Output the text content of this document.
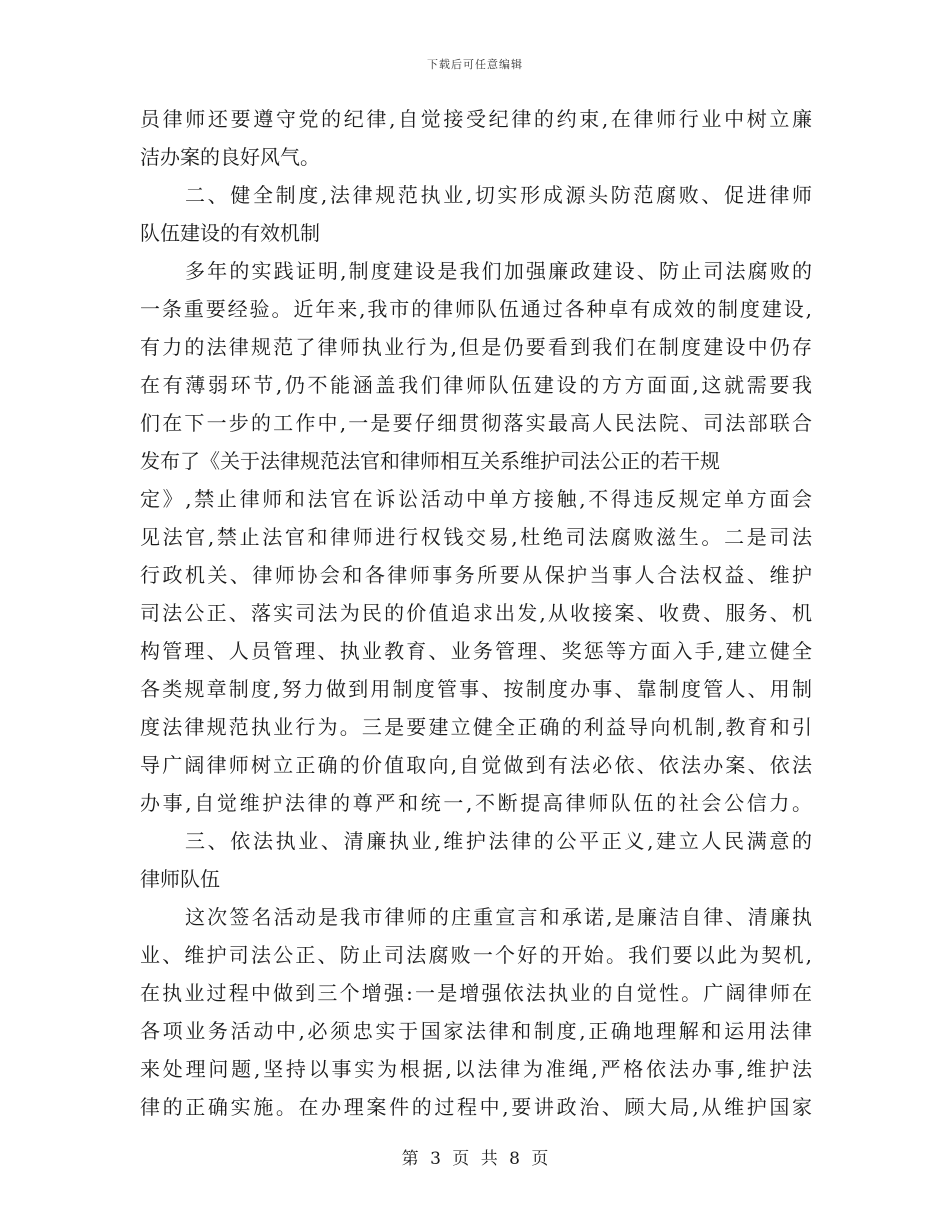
下载后可任意编辑
员律师还要遵守党的纪律,自觉接受纪律的约束,在律师行业中树立廉
洁办案的良好风气。
二、健全制度,法律规范执业,切实形成源头防范腐败、促进律师
队伍建设的有效机制
多年的实践证明,制度建设是我们加强廉政建设、防止司法腐败的
一条重要经验。近年来,我市的律师队伍通过各种卓有成效的制度建设,
有力的法律规范了律师执业行为,但是仍要看到我们在制度建设中仍存
在有薄弱环节,仍不能涵盖我们律师队伍建设的方方面面,这就需要我
们在下一步的工作中,一是要仔细贯彻落实最高人民法院、司法部联合
发布了《关于法律规范法官和律师相互关系维护司法公正的若干规
定》,禁止律师和法官在诉讼活动中单方接触,不得违反规定单方面会
见法官,禁止法官和律师进行权钱交易,杜绝司法腐败滋生。二是司法
行政机关、律师协会和各律师事务所要从保护当事人合法权益、维护
司法公正、落实司法为民的价值追求出发,从收接案、收费、服务、机
构管理、人员管理、执业教育、业务管理、奖惩等方面入手,建立健全
各类规章制度,努力做到用制度管事、按制度办事、靠制度管人、用制
度法律规范执业行为。三是要建立健全正确的利益导向机制,教育和引
导广阔律师树立正确的价值取向,自觉做到有法必依、依法办案、依法
办事,自觉维护法律的尊严和统一,不断提高律师队伍的社会公信力。
三、依法执业、清廉执业,维护法律的公平正义,建立人民满意的
律师队伍
这次签名活动是我市律师的庄重宣言和承诺,是廉洁自律、清廉执
业、维护司法公正、防止司法腐败一个好的开始。我们要以此为契机,
在执业过程中做到三个增强:一是增强依法执业的自觉性。广阔律师在
各项业务活动中,必须忠实于国家法律和制度,正确地理解和运用法律
来处理问题,坚持以事实为根据,以法律为准绳,严格依法办事,维护法
律的正确实施。在办理案件的过程中,要讲政治、顾大局,从维护国家
第 3 页 共 8 页
